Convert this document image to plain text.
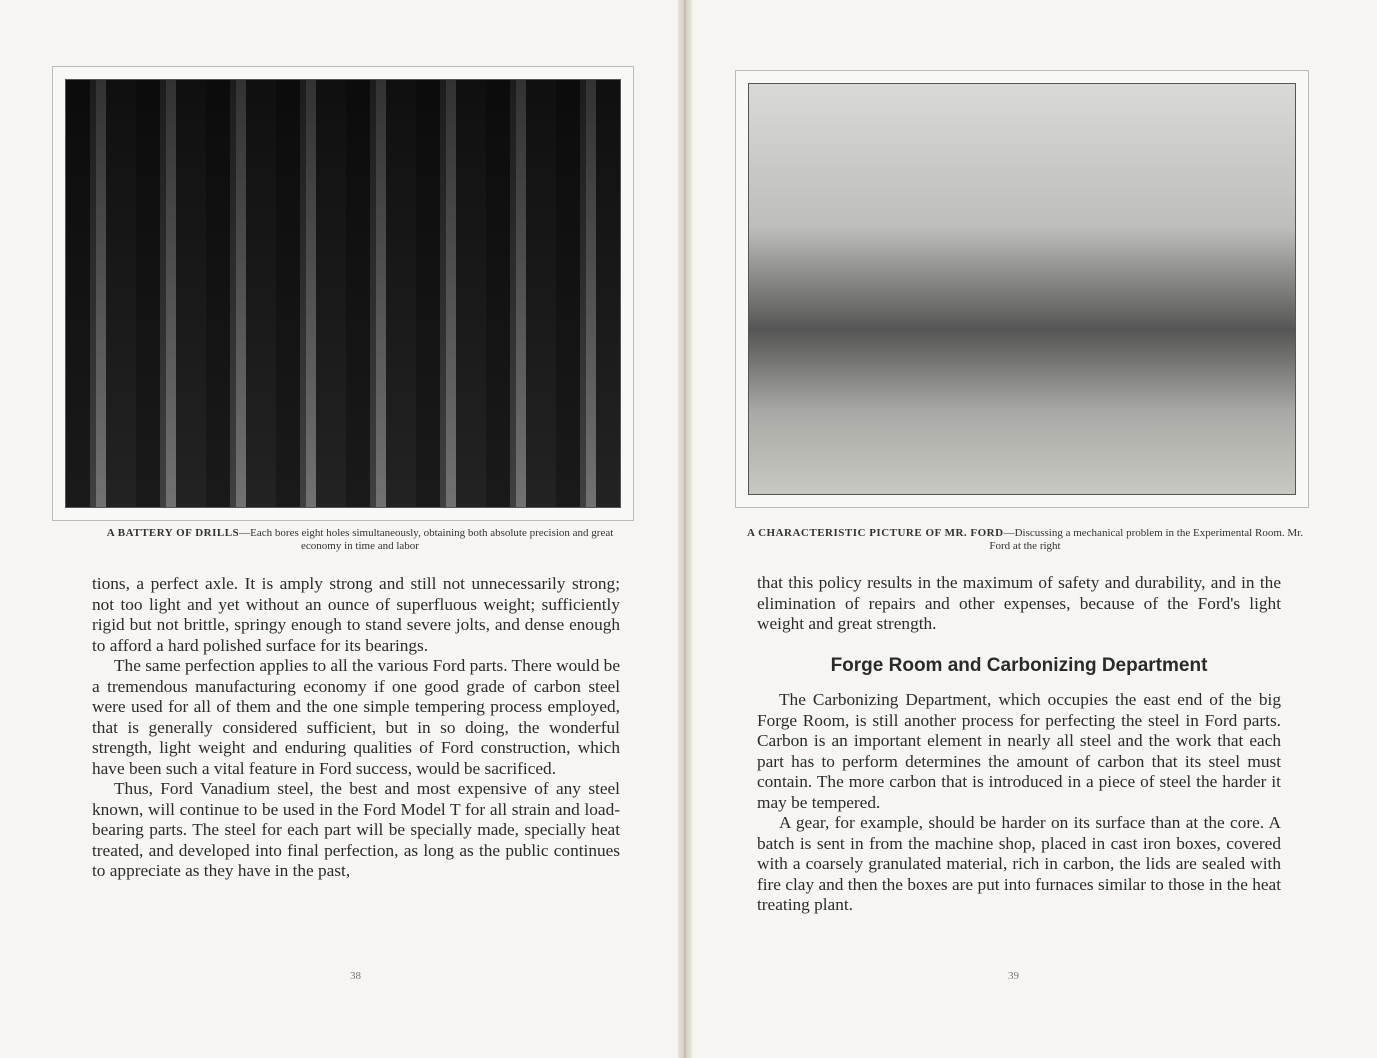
A BATTERY OF DRILLS—Each bores eight holes simultaneously, obtaining both absolute precision and great economy in time and labor

tions, a perfect axle. It is amply strong and still not unnecessarily strong; not too light and yet without an ounce of superfluous weight; sufficiently rigid but not brittle, springy enough to stand severe jolts, and dense enough to afford a hard polished surface for its bearings.

The same perfection applies to all the various Ford parts. There would be a tremendous manufacturing economy if one good grade of carbon steel were used for all of them and the one simple tempering process employed, that is generally considered sufficient, but in so doing, the wonderful strength, light weight and enduring qualities of Ford construction, which have been such a vital feature in Ford success, would be sacrificed.

Thus, Ford Vanadium steel, the best and most expensive of any steel known, will continue to be used in the Ford Model T for all strain and load-bearing parts. The steel for each part will be specially made, specially heat treated, and developed into final perfection, as long as the public continues to appreciate as they have in the past,

38
A CHARACTERISTIC PICTURE OF MR. FORD—Discussing a mechanical problem in the Experimental Room. Mr. Ford at the right

that this policy results in the maximum of safety and durability, and in the elimination of repairs and other expenses, because of the Ford's light weight and great strength.

Forge Room and Carbonizing Department

The Carbonizing Department, which occupies the east end of the big Forge Room, is still another process for perfecting the steel in Ford parts. Carbon is an important element in nearly all steel and the work that each part has to perform determines the amount of carbon that its steel must contain. The more carbon that is introduced in a piece of steel the harder it may be tempered.

A gear, for example, should be harder on its surface than at the core. A batch is sent in from the machine shop, placed in cast iron boxes, covered with a coarsely granulated material, rich in carbon, the lids are sealed with fire clay and then the boxes are put into furnaces similar to those in the heat treating plant.

39
